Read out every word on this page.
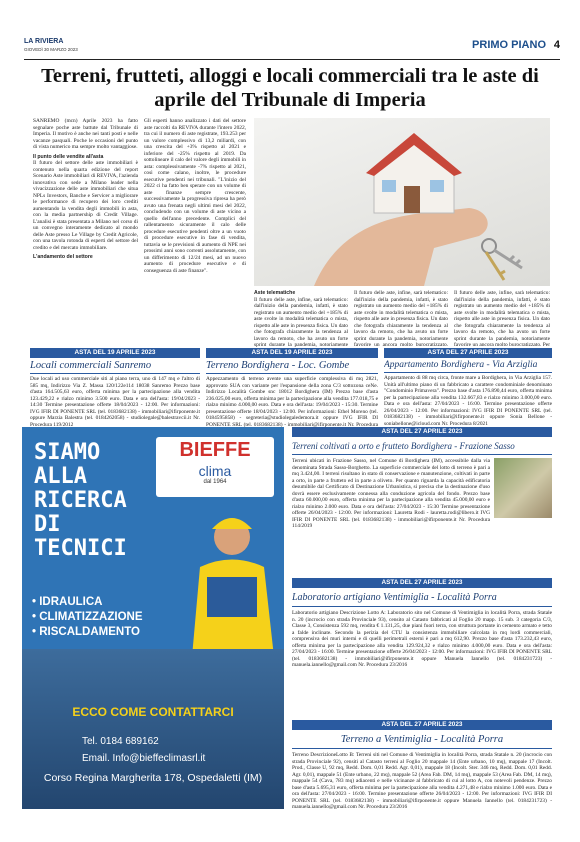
LA RIVIERA
GIOVEDÌ 30 MARZO 2023	PRIMO PIANO 4
Terreni, frutteti, alloggi e locali commerciali tra le aste di aprile del Tribunale di Imperia

SANREMO (mcn) Aprile 2023 ha fatto segnalare poche aste battute dal Tribunale di Imperia. Il motivo è anche nei tanti posti e nelle vacanze pasquali. Poche le occasioni del punto di vista numerico ma sempre molto vantaggiose.

Il punto delle vendite all'asta

Il futuro del settore delle aste immobiliari è contenuto nella quarta edizione del report Scenario Aste immobiliari di REVIVA, l'azienda innovativa con sede a Milano leader nella vivacizzazione delle aste immobiliari che situa NPLs Investors, Banche e Servicer a migliorare le performance di recupero dei loro crediti aumentando la vendita degli immobili in asta, con la media partnership di Credit Village. L'analisi è stata presentata a Milano nel corso di un convegno interamente dedicato al mondo delle Aste presso Le Village by Credit Agricole, con una tavola rotonda di esperti del settore del credito e del mercato immobiliare.

L'andamento del settore

Gli esperti hanno analizzato i dati del settore aste raccolti da REVIVA durante l'intero 2022, tra cui il numero di aste registrate, 193.253 per un valore complessivo di 13,2 miliardi, con una crescita del +3% rispetto al 2021 e inferiore del -25% rispetto al 2019. Da sottolineare il calo del valore degli immobili in asta: complessivamente -7% rispetto al 2021, così come calano, inoltre, le procedure esecutive pendenti nei tribunali. "L'inizio del 2022 ci ha fatto ben sperare con un volume di aste finanze sempre crescente, successivamente la progressiva ripresa ha però avuto una frenata negli ultimi mesi del 2022, concludendo con un volume di aste vicino a quello dell'anno precedente. Complici del rallentamento sicuramente il calo delle procedure esecutive pendenti oltre a un vuoto di procedure esecutive in fase di vendita, tuttavia se le previsioni di aumento di NPE nei prossimi anni sono correnti assolutamente, con un differimento di 12/24 mesi, ad un nuovo aumento di procedure esecutive e di conseguenza di aste finanze".

Aste telematiche

Il futuro delle aste, infine, sarà telematico: dall'inizio della pandemia, infatti, è stato registrato un aumento medio del +185% di aste svolte in modalità telematica o mista, rispetto alle aste in presenza fisica. Un dato che fotografa chiaramente la tendenza al lavoro da remoto, che ha avuto un forte sprint durante la pandemia, notoriamente

Il futuro delle aste, infine, sarà telematico: dall'inizio della pandemia, infatti, è stato registrato un aumento medio del +185% di aste svolte in modalità telematica o mista, rispetto alle aste in presenza fisica. Un dato che fotografa chiaramente la tendenza al lavoro da remoto, che ha avuto un forte sprint durante la pandemia, notoriamente favorire un ancora molto burocratizzato.

Il futuro delle aste, infine, sarà telematico: dall'inizio della pandemia, infatti, è stato registrato un aumento medio del +185% di aste svolte in modalità telematica o mista, rispetto alle aste in presenza fisica. Un dato che fotografa chiaramente la tendenza al lavoro da remoto, che ha avuto un forte sprint durante la pandemia, notoriamente favorire un ancora molto burocratizzato. Per

ASTA DEL 19 APRILE 2023
Locali commerciali Sanremo

Due locali ad uso commerciale siti al piano terra, uno di 147 mq e l'altro di 585 mq, Indirizzo Via Z. Massa 120/122e114 18038 Sanremo Prezzo base d'asta 164.505,63 euro, offerta minima per la partecipazione alla vendita 123.429,22 e rialzo minimo 3.500 euro. Data e ora dell'asta: 19/04/2023 - 14:30 Termine presentazione offerte 18/04/2023 - 12:00. Per informazioni: IVG IFIR DI PONENTE SRL (tel. 0183682138) - immobiliari@ifirponente.it oppure Marzia Balestra (tel. 0184262058) - studiolegale@balestravcii.it Nr. Procedura 119/2012

ASTA DEL 19 APRILE 2023
Terreno Bordighera - Loc. Gombe

Appezzamento di terreno avente una superficie complessiva di mq 2821, approvato SUA con variante per l'espansione della zona C/3 sottozona ceNe. Indirizzo Località Gombe snc 18012 Bordighera (IM) Prezzo base d'asta 236.025,00 euro, offerta minima per la partecipazione alla vendita 177.018,75 e rialzo minimo 4.000,00 euro. Data e ora dell'asta: 19/04/2023 - 15:30. Termine presentazione offerte 18/04/2023 - 12:00. Per informazioni: Ethel Moreno (tel. 0184595858) - segreteria@studiolegaledemora.it oppure IVG IFIR DI PONENTE SRL (tel. 0183682138) - immobiliari@ifirponente.it Nr. Procedura

ASTA DEL 27 APRILE 2023
Appartamento Bordighera - Via Arziglia

Appartamento di 88 mq circa, fronte mare a Bordighera, in Via Arziglia 157. Unità all'ultimo piano di un fabbricato a carattere condominiale denominato "Condominio Primavera". Prezzo base d'asta 176.890,44 euro, offerta minima per la partecipazione alla vendita 132.667,83 e rialzo minimo 3.000,00 euro. Data e ora dell'asta: 27/04/2023 - 16:00. Termine presentazione offerte 26/04/2023 - 12:00. Per informazioni: IVG IFIR DI PONENTE SRL (tel. 0183682138) - immobiliari@ifirponente.it oppure Sonia Bellone - soniabellone@icloud.com Nr. Procedura 8/2021

SIAMO
ALLA
RICERCA
DI
TECNICI
BIEFFE
clima
dal 1964
• IDRAULICA
• CLIMATIZZAZIONE
• RISCALDAMENTO
ECCO COME CONTATTARCI
Tel. 0184 689162
Email. Info@bieffeclimasrl.it
Corso Regina Margherita 178, Ospedaletti (IM)
ASTA DEL 27 APRILE 2023
Terreni coltivati a orto e frutteto Bordighera - Frazione Sasso

Terreni ubicati in Frazione Sasso, nel Comune di Bordighera (IM), accessibile dalla via denominata Strada Sasso-Borghetto. La superficie commerciale del lotto di terreno è pari a mq 3.424,00. I terreni risultano in stato di conservazione e manutenzione, coltivati in parte a orto, in parte a frutteto ed in parte a oliveto. Per quanto riguarda la capacità edificatoria desumibile dal Certificato di Destinazione Urbanistica, si precisa che la destinazione d'uso dovrà essere esclusivamente connessa alla conduzione agricola del fondo. Prezzo base d'asta 60.000,00 euro, offerta minima per la partecipazione alla vendita 45.000,00 euro e rialzo minimo 2.000 euro. Data e ora dell'asta: 27/04/2023 - 15:30 Termine presentazione offerte 26/04/2023 - 12:00. Per informazioni: Lauretta Rodi - lauretta.rodi@libero.it IVG IFIR DI PONENTE SRL (tel. 0183682138) - immobiliari@ifirponente.it Nr. Procedura 114/2019

ASTA DEL 27 APRILE 2023
Laboratorio artigiano Ventimiglia - Località Porra

Laboratorio artigiano Descrizione Lotto A: Laboratorio sito nel Comune di Ventimiglia in località Porra, strada Statale n. 20 (incrocio con strada Provinciale 93), censito al Catasto fabbricati al Foglio 20 mapp. 15 sub. 3 categoria C/3, Classe 3, Consistenza 592 mq, rendita € 1.131,25, due piani fuori terra, con struttura portante in cemento armato e tetto a falde inclinate. Secondo la perizia del CTU la consistenza immobiliare calcolata in mq lordi commerciali, comprensiva dei muri interni e di quelli perimetrali esterni è pari a mq 612,90. Prezzo base d'asta 173.232,43 euro, offerta minima per la partecipazione alla vendita 129.924,32 e rialzo minimo 4.000,00 euro. Data e ora dell'asta: 27/04/2023 - 16:00. Termine presentazione offerte 26/04/2023 - 12:00. Per informazioni: IVG IFIR DI PONENTE SRL (tel. 0183682138) - immobiliari@ifirponente.it oppure Manuela Iannello (tel. 0184231723) - manuela.iannello@gmail.com Nr. Procedura 23/2016

ASTA DEL 27 APRILE 2023
Terreno a Ventimiglia - Località Porra

Terreno DescrizioneLotto B: Terreni siti nel Comune di Ventimiglia in località Porra, strada Statale n. 20 (incrocio con strada Provinciale 92), censiti al Catasto terreni al Foglio 20 mappale 14 (Ente urbano, 10 mq), mappale 17 (Incolt. Prod., Classe U, 92 mq, Redd. Dom. 0,01 Redd. Agr. 0,01), mappale 18 (Incolt. Ster. 346 mq, Redd. Dom. 0,01 Redd. Agr. 0,01), mappale 51 (Ente urbano, 22 mq), mappale 52 (Area Fab. DM, 14 mq), mappale 53 (Area Fab. DM, 14 mq), mappale 54 (Cava, 783 mq) adiacenti e nelle vicinanze al fabbricato di cui al lotto A, con notevoli pendenze. Prezzo base d'asta 5.695,31 euro, offerta minima per la partecipazione alla vendita 4.271,48 e rialzo minimo 1.000 euro. Data e ora dell'asta: 27/04/2023 - 16:00. Termine presentazione offerte 26/04/2023 - 12:00. Per informazioni: IVG IFIR DI PONENTE SRL (tel. 0183682138) - immobiliari@ifirponente.it oppure Manuela Iannello (tel. 0184231723) - manuela.iannello@gmail.com Nr. Procedura 23/2016
